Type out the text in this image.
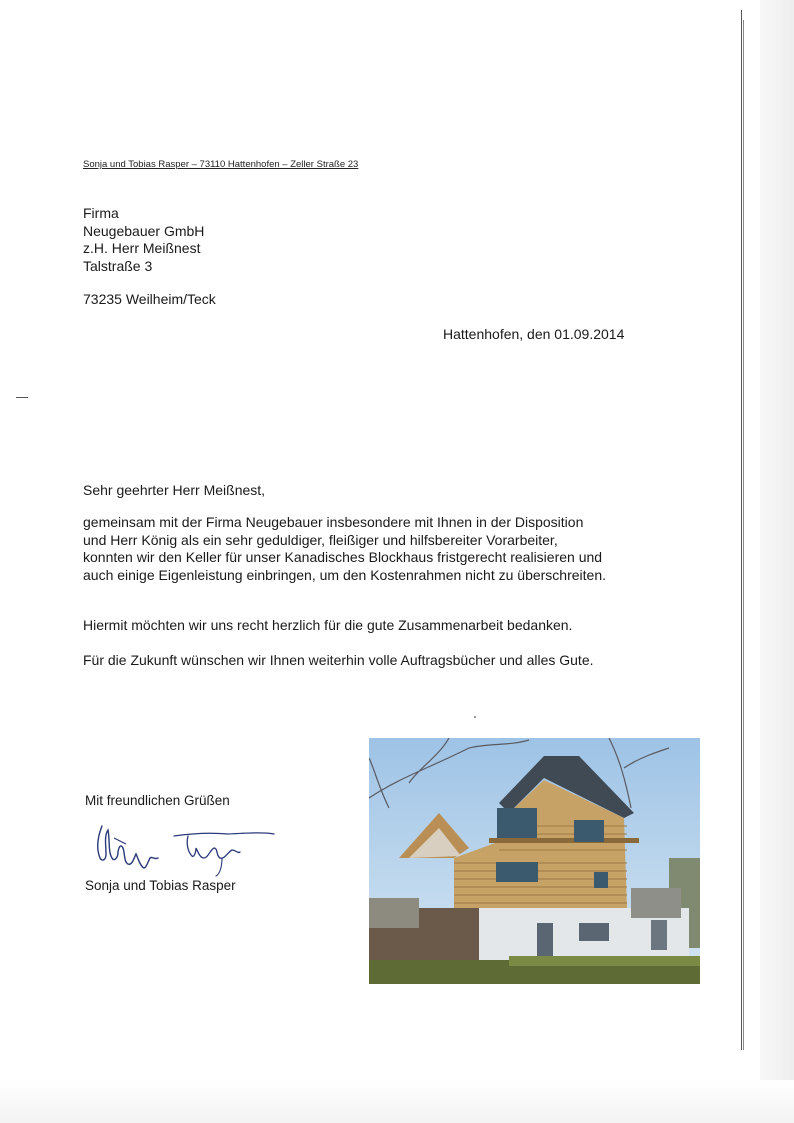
Sonja und Tobias Rasper – 73110 Hattenhofen – Zeller Straße 23
Firma
Neugebauer GmbH
z.H. Herr Meißnest
Talstraße 3
73235 Weilheim/Teck
Hattenhofen, den 01.09.2014
Sehr geehrter Herr Meißnest,
gemeinsam mit der Firma Neugebauer insbesondere mit Ihnen in der Disposition
und Herr König als ein sehr geduldiger, fleißiger und hilfsbereiter Vorarbeiter,
konnten wir den Keller für unser Kanadisches Blockhaus fristgerecht realisieren und
auch einige Eigenleistung einbringen, um den Kostenrahmen nicht zu überschreiten.
Hiermit möchten wir uns recht herzlich für die gute Zusammenarbeit bedanken.
Für die Zukunft wünschen wir Ihnen weiterhin volle Auftragsbücher und alles Gute.
Mit freundlichen Grüßen
Sonja und Tobias Rasper
